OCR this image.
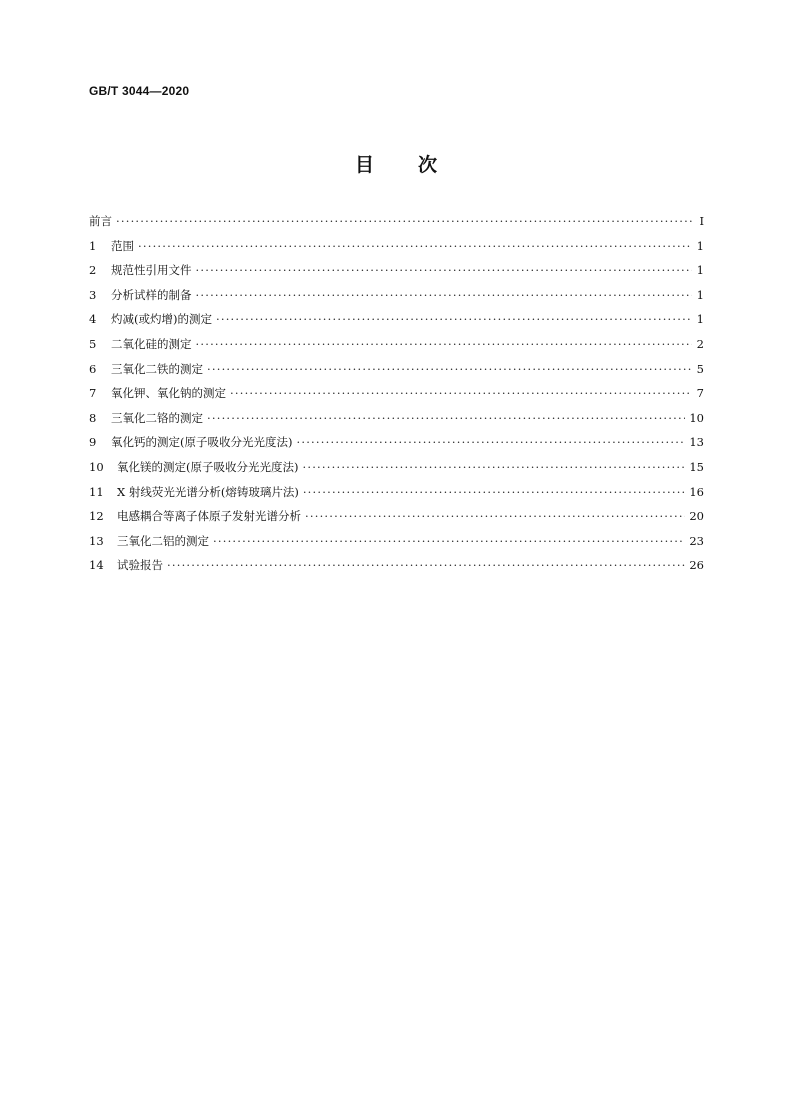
GB/T 3044—2020
目 次
前言 ·····	Ⅰ
1	范围 ·····	1
2	规范性引用文件 ·····	1
3	分析试样的制备 ·····	1
4	灼减(或灼增)的测定 ·····	1
5	二氧化硅的测定 ·····	2
6	三氧化二铁的测定 ·····	5
7	氧化钾、氧化钠的测定 ·····	7
8	三氧化二铬的测定 ·····	10
9	氧化钙的测定(原子吸收分光光度法) ·····	13
10	氧化镁的测定(原子吸收分光光度法) ·····	15
11	X 射线荧光光谱分析(熔铸玻璃片法) ·····	16
12	电感耦合等离子体原子发射光谱分析 ·····	20
13	三氧化二铝的测定 ·····	23
14	试验报告 ·····	26
